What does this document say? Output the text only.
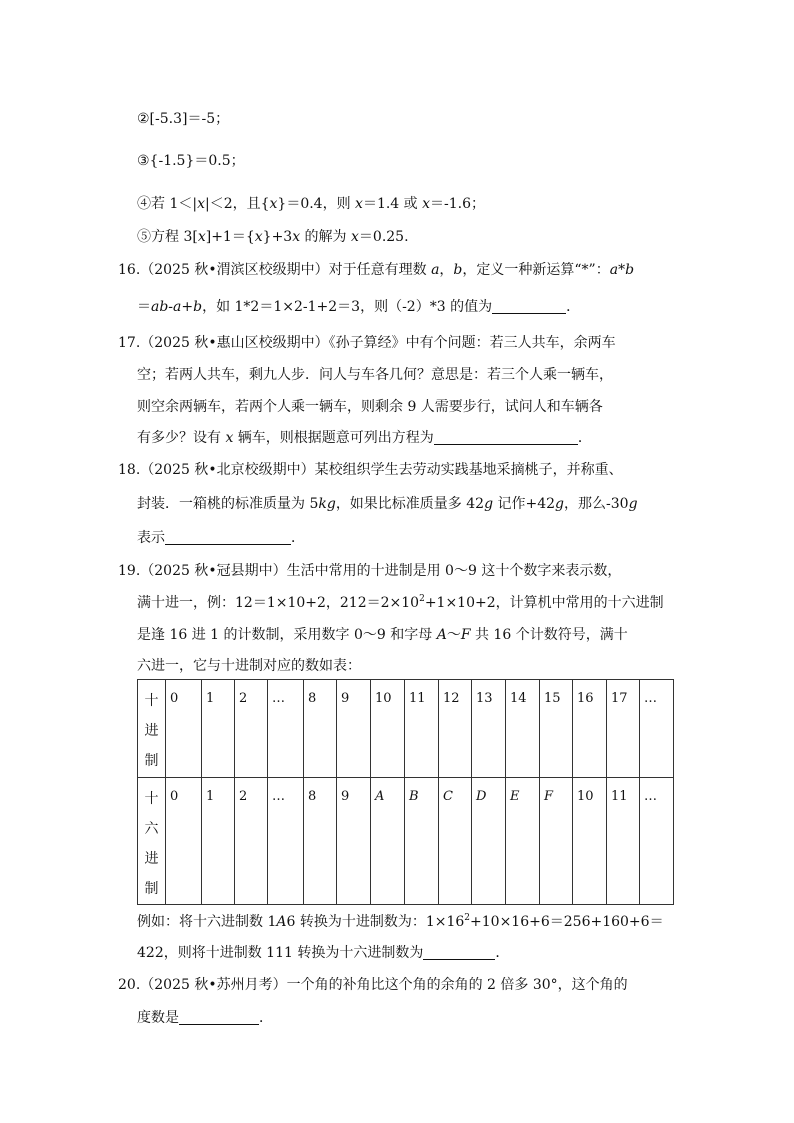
②[-5.3]＝-5；
③{-1.5}＝0.5；
④若 1＜|x|＜2，且{x}＝0.4，则 x＝1.4 或 x＝-1.6；
⑤方程 3[x]+1＝{x}+3x 的解为 x＝0.25.
16.（2025 秋•渭滨区校级期中）对于任意有理数 a，b，定义一种新运算“*”：a*b
＝ab-a+b，如 1*2＝1×2-1+2＝3，则（-2）*3 的值为	．
17.（2025 秋•惠山区校级期中）《孙子算经》中有个问题：若三人共车，余两车
空；若两人共车，剩九人步．问人与车各几何？意思是：若三个人乘一辆车，
则空余两辆车，若两个人乘一辆车，则剩余 9 人需要步行，试问人和车辆各
有多少？设有 x 辆车，则根据题意可列出方程为	．
18.（2025 秋•北京校级期中）某校组织学生去劳动实践基地采摘桃子，并称重、
封装．一箱桃的标准质量为 5kg，如果比标准质量多 42g 记作+42g，那么-30g
表示	．
19.（2025 秋•冠县期中）生活中常用的十进制是用 0～9 这十个数字来表示数，
满十进一，例：12＝1×10+2，$212=2\times 10^2+1\times 10+2$，计算机中常用的十六进制
是逢 16 进 1 的计数制，采用数字 0～9 和字母 A～F 共 16 个计数符号，满十
六进一，它与十进制对应的数如表：
十
进
制	0	1	2	…	8	9	10	11	12	13	14	15	16	17	…

十
六
进
制	0	1	2	…	8	9	A	B	C	D	E	F	10	11	…
例如：将十六进制数 1A6 转换为十进制数为：$1\times 16^2+10\times 16+6=256+160+6=$
422，则将十进制数 111 转换为十六进制数为	．
20.（2025 秋•苏州月考）一个角的补角比这个角的余角的 2 倍多 30°，这个角的
度数是	．
